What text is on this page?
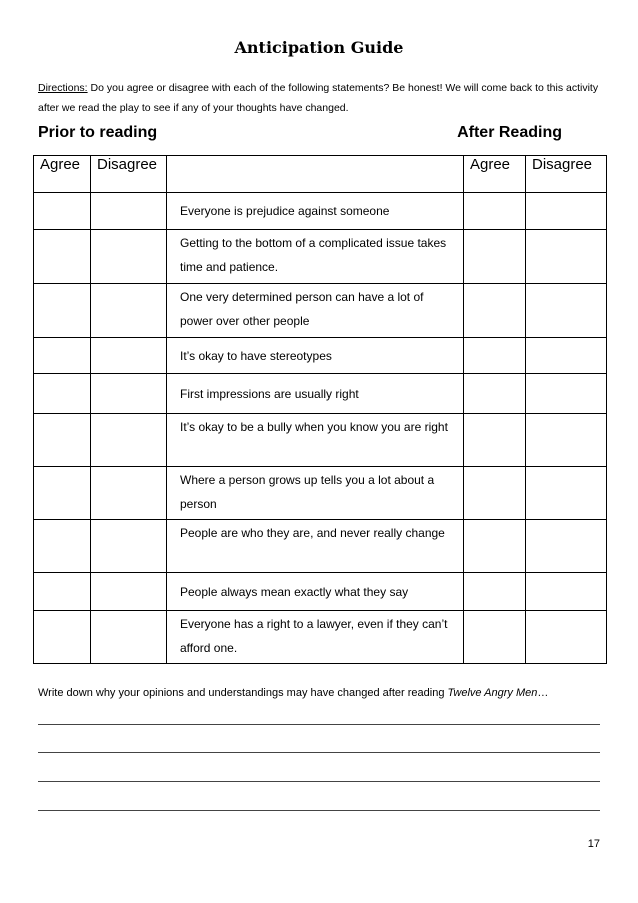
Anticipation Guide
Directions: Do you agree or disagree with each of the following statements? Be honest! We will come back to this activity after we read the play to see if any of your thoughts have changed.
Prior to reading	After Reading
Agree	Disagree		Agree	Disagree
		Everyone is prejudice against someone		
		Getting to the bottom of a complicated issue takes time and patience.		
		One very determined person can have a lot of power over other people		
		It’s okay to have stereotypes		
		First impressions are usually right		
		It’s okay to be a bully when you know you are right		
		Where a person grows up tells you a lot about a person		
		People are who they are, and never really change		
		People always mean exactly what they say		
		Everyone has a right to a lawyer, even if they can’t afford one.		
Write down why your opinions and understandings may have changed after reading Twelve Angry Men…
17
